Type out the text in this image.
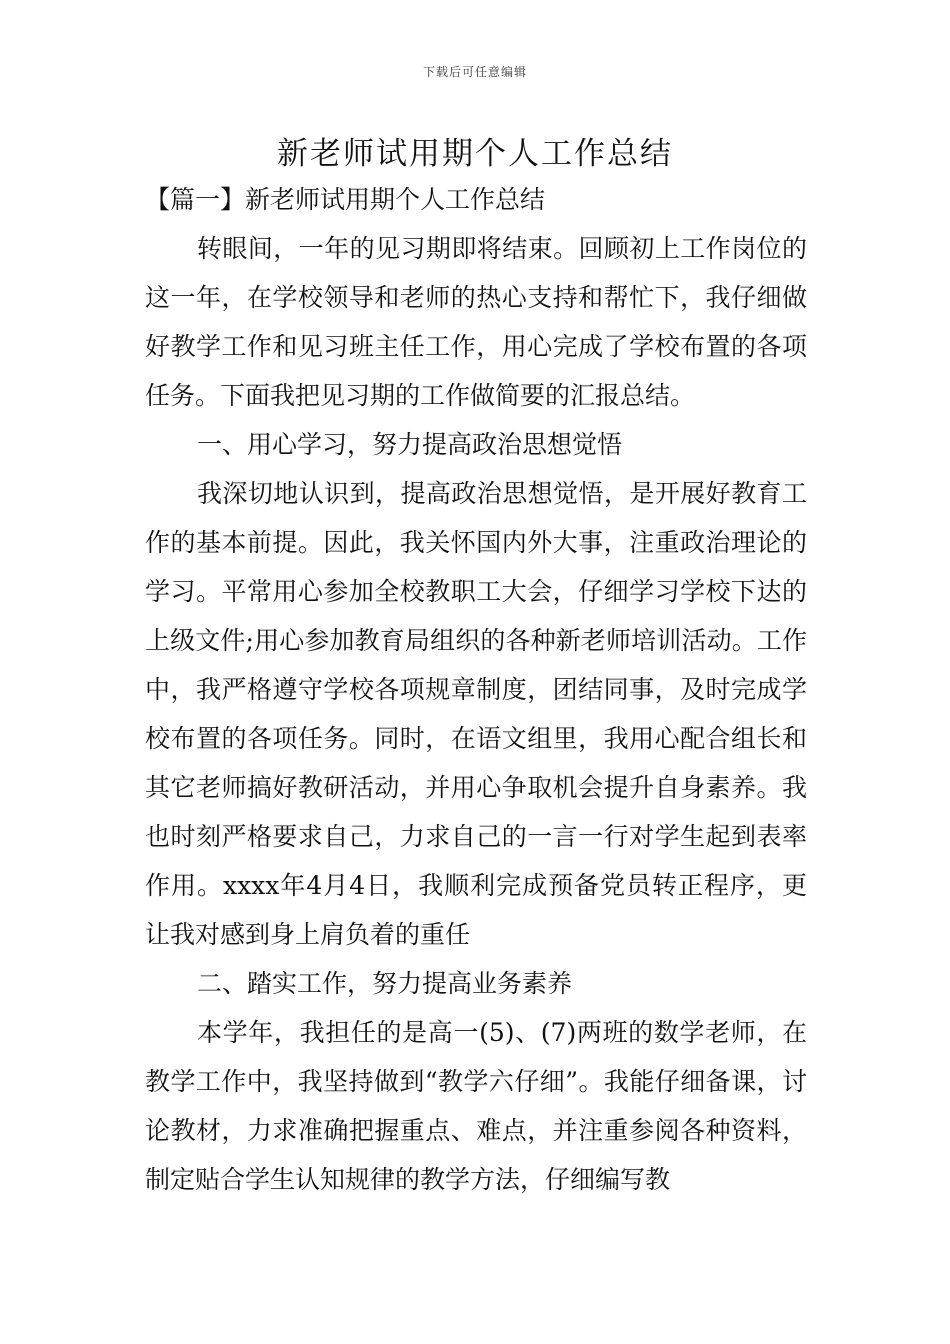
下载后可任意编辑
新老师试用期个人工作总结
【篇一】新老师试用期个人工作总结

转眼间，一年的见习期即将结束。回顾初上工作岗位的这一年，在学校领导和老师的热心支持和帮忙下，我仔细做好教学工作和见习班主任工作，用心完成了学校布置的各项任务。下面我把见习期的工作做简要的汇报总结。

一、用心学习，努力提高政治思想觉悟

我深切地认识到，提高政治思想觉悟，是开展好教育工作的基本前提。因此，我关怀国内外大事，注重政治理论的学习。平常用心参加全校教职工大会，仔细学习学校下达的上级文件;用心参加教育局组织的各种新老师培训活动。工作中，我严格遵守学校各项规章制度，团结同事，及时完成学校布置的各项任务。同时，在语文组里，我用心配合组长和其它老师搞好教研活动，并用心争取机会提升自身素养。我也时刻严格要求自己，力求自己的一言一行对学生起到表率作用。xxxx年4月4日，我顺利完成预备党员转正程序，更让我对感到身上肩负着的重任

二、踏实工作，努力提高业务素养

本学年，我担任的是高一(5)、(7)两班的数学老师，在教学工作中，我坚持做到“教学六仔细”。我能仔细备课，讨论教材，力求准确把握重点、难点，并注重参阅各种资料，制定贴合学生认知规律的教学方法，仔细编写教
